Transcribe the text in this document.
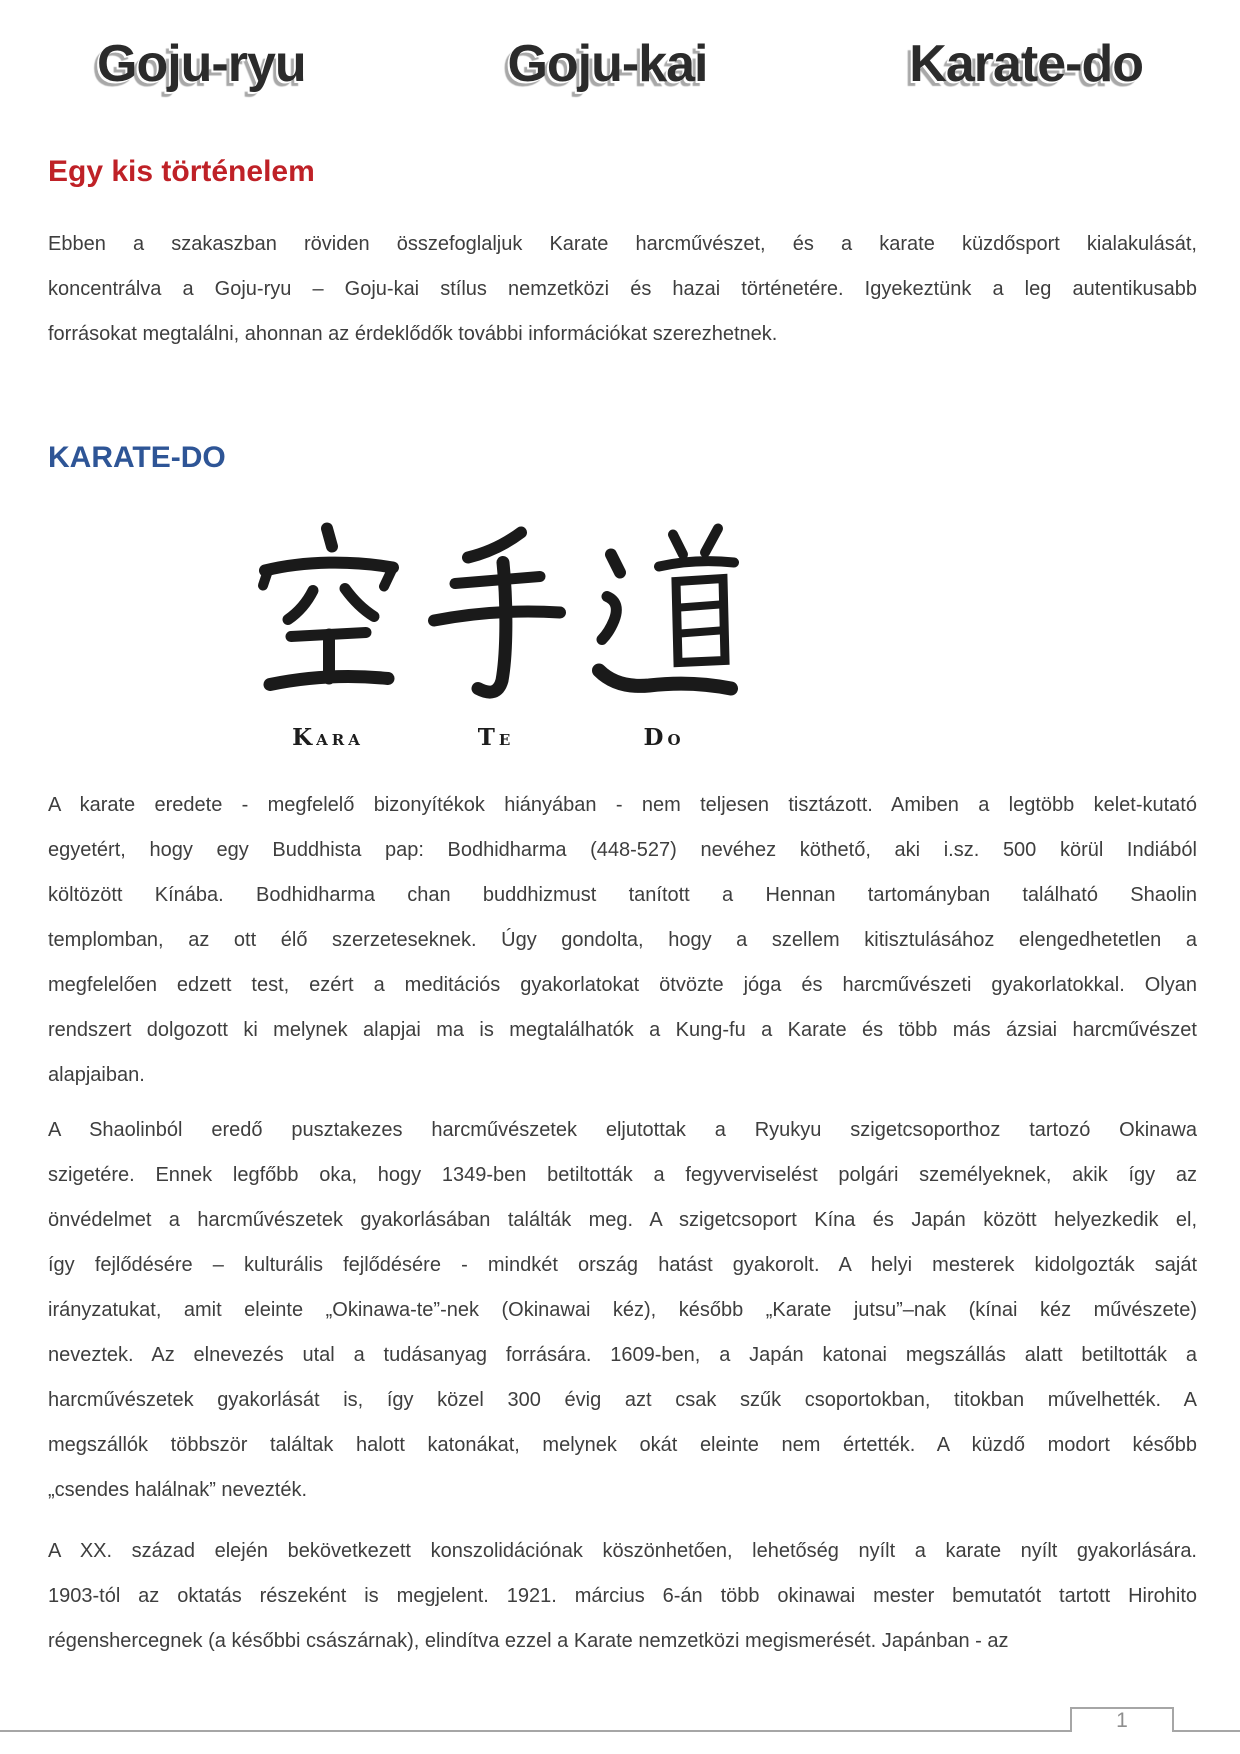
Goju-ryu	Goju-kai	Karate-do
Egy kis történelem
Ebben a szakaszban röviden összefoglaljuk Karate harcművészet, és a karate küzdősport kialakulását,
koncentrálva a Goju-ryu – Goju-kai stílus nemzetközi és hazai történetére. Igyekeztünk a leg autentikusabb
forrásokat megtalálni, ahonnan az érdeklődők további információkat szerezhetnek.
KARATE-DO
KARA	TE	DO
A karate eredete - megfelelő bizonyítékok hiányában - nem teljesen tisztázott. Amiben a legtöbb kelet-kutató
egyetért, hogy egy Buddhista pap: Bodhidharma (448-527) nevéhez köthető, aki i.sz. 500 körül Indiából
költözött Kínába. Bodhidharma chan buddhizmust tanított a Hennan tartományban található Shaolin
templomban, az ott élő szerzeteseknek. Úgy gondolta, hogy a szellem kitisztulásához elengedhetetlen a
megfelelően edzett test, ezért a meditációs gyakorlatokat ötvözte jóga és harcművészeti gyakorlatokkal. Olyan
rendszert dolgozott ki melynek alapjai ma is megtalálhatók a Kung-fu a Karate és több más ázsiai harcművészet
alapjaiban.
A Shaolinból eredő pusztakezes harcművészetek eljutottak a Ryukyu szigetcsoporthoz tartozó Okinawa
szigetére. Ennek legfőbb oka, hogy 1349-ben betiltották a fegyverviselést polgári személyeknek, akik így az
önvédelmet a harcművészetek gyakorlásában találták meg. A szigetcsoport Kína és Japán között helyezkedik el,
így fejlődésére – kulturális fejlődésére - mindkét ország hatást gyakorolt. A helyi mesterek kidolgozták saját
irányzatukat, amit eleinte „Okinawa-te”-nek (Okinawai kéz), később „Karate jutsu”–nak (kínai kéz művészete)
neveztek. Az elnevezés utal a tudásanyag forrására. 1609-ben, a Japán katonai megszállás alatt betiltották a
harcművészetek gyakorlását is, így közel 300 évig azt csak szűk csoportokban, titokban művelhették. A
megszállók többször találtak halott katonákat, melynek okát eleinte nem értették. A küzdő modort később
„csendes halálnak” nevezték.
A XX. század elején bekövetkezett konszolidációnak köszönhetően, lehetőség nyílt a karate nyílt gyakorlására.
1903-tól az oktatás részeként is megjelent. 1921. március 6-án több okinawai mester bemutatót tartott Hirohito
régenshercegnek (a későbbi császárnak), elindítva ezzel a Karate nemzetközi megismerését. Japánban - az
1
